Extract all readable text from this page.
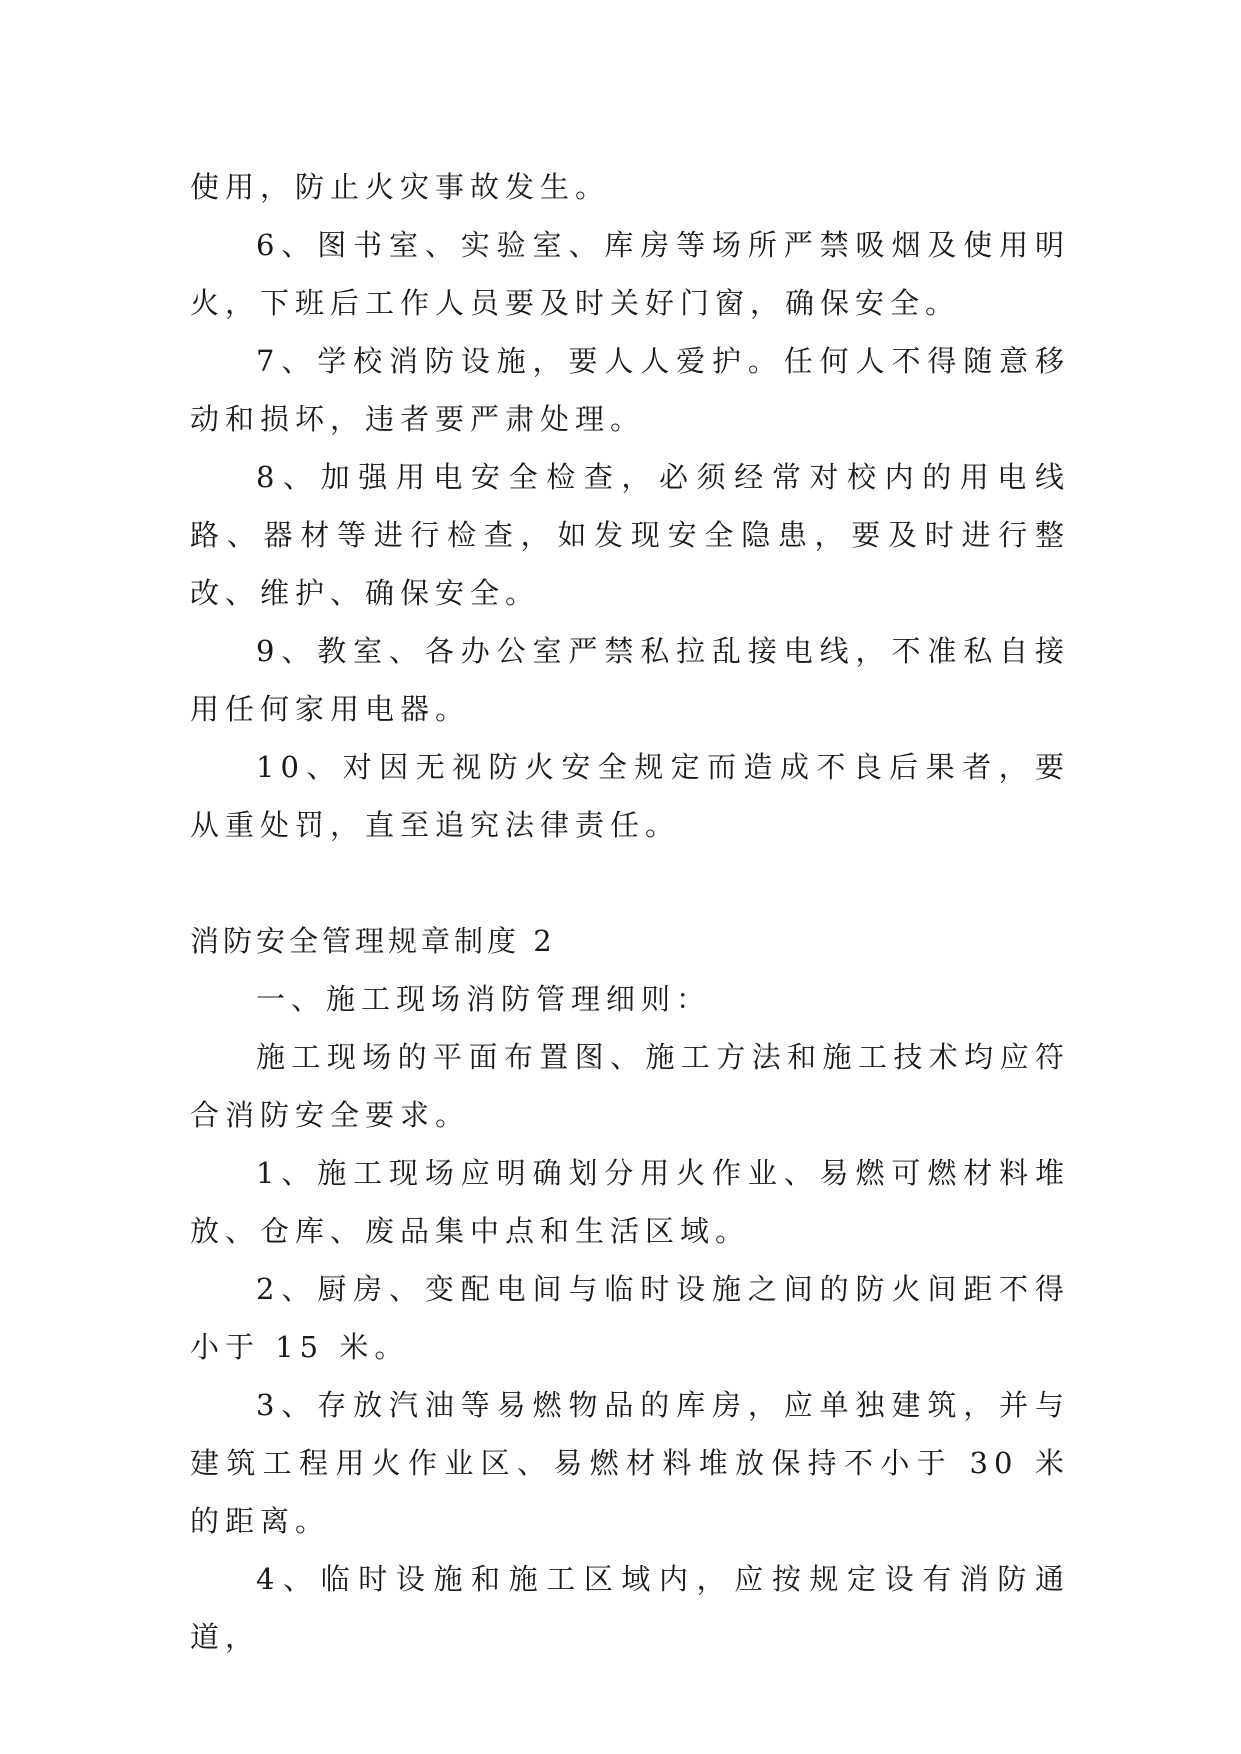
使用，防止火灾事故发生。

6、图书室、实验室、库房等场所严禁吸烟及使用明火，下班后工作人员要及时关好门窗，确保安全。

7、学校消防设施，要人人爱护。任何人不得随意移动和损坏，违者要严肃处理。

8、加强用电安全检查，必须经常对校内的用电线路、器材等进行检查，如发现安全隐患，要及时进行整改、维护、确保安全。

9、教室、各办公室严禁私拉乱接电线，不准私自接用任何家用电器。

10、对因无视防火安全规定而造成不良后果者，要从重处罚，直至追究法律责任。

消防安全管理规章制度 2

一、施工现场消防管理细则：

施工现场的平面布置图、施工方法和施工技术均应符合消防安全要求。

1、施工现场应明确划分用火作业、易燃可燃材料堆放、仓库、废品集中点和生活区域。

2、厨房、变配电间与临时设施之间的防火间距不得小于 15 米。

3、存放汽油等易燃物品的库房，应单独建筑，并与建筑工程用火作业区、易燃材料堆放保持不小于 30 米的距离。

4、临时设施和施工区域内，应按规定设有消防通道，
